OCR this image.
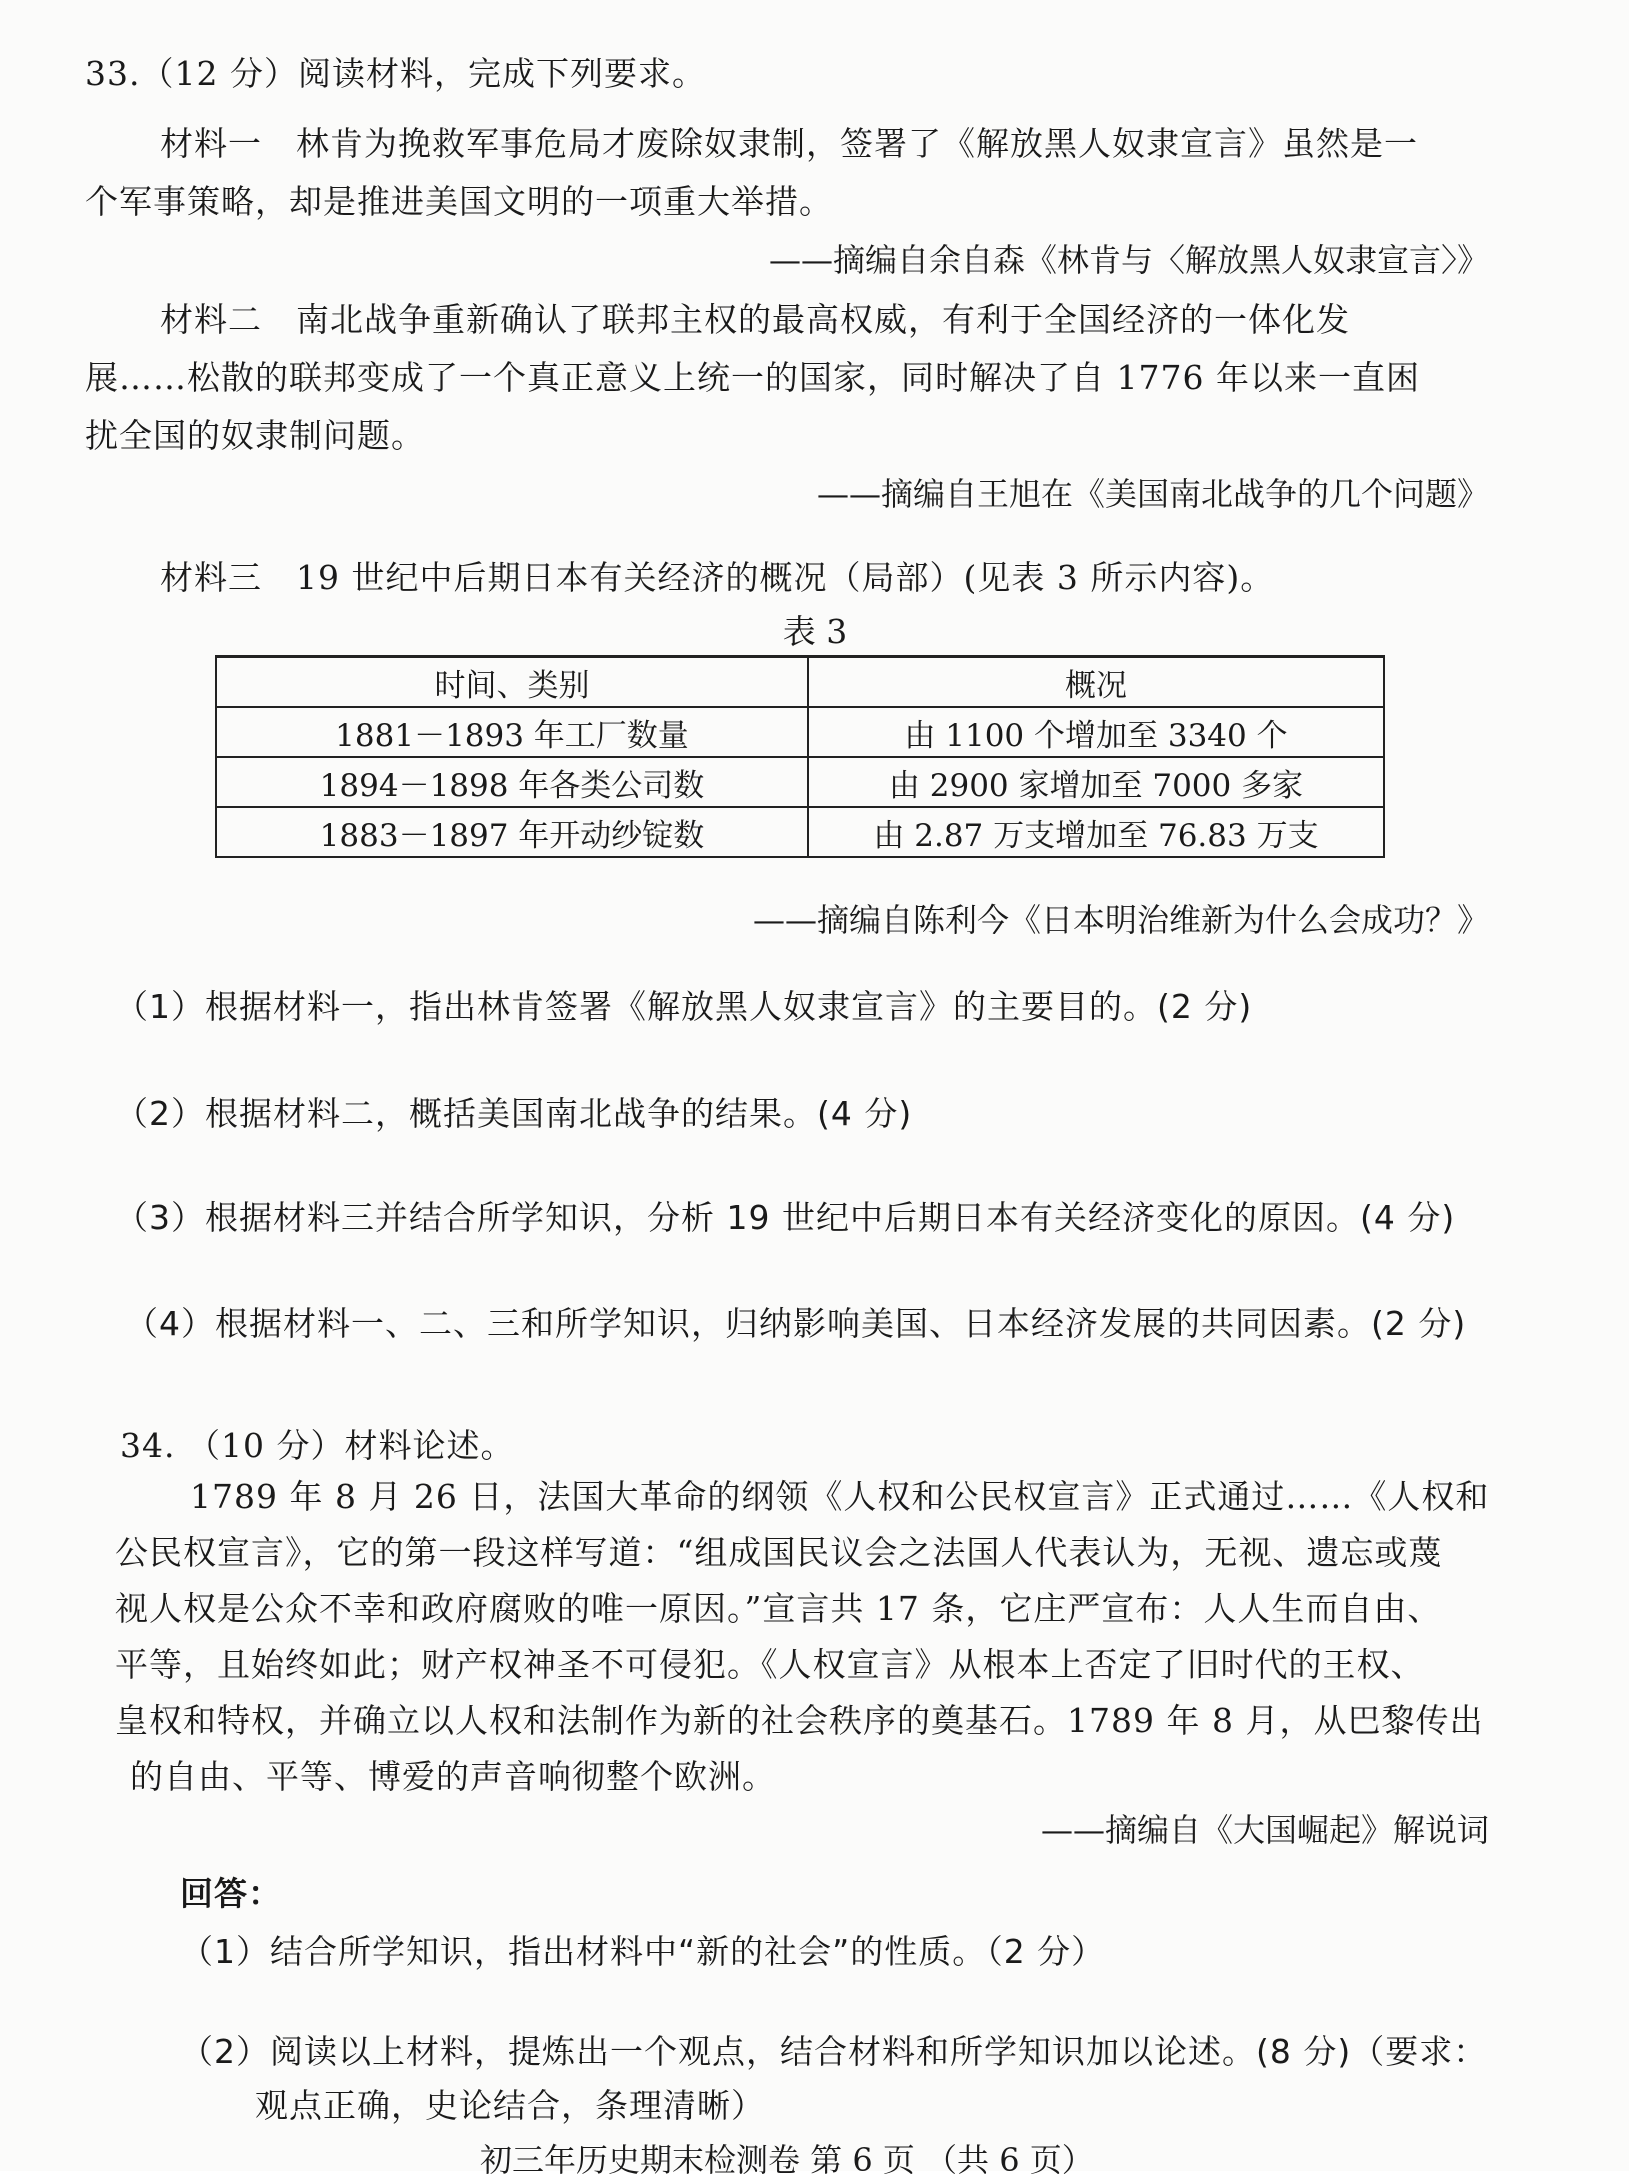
33.（12 分）阅读材料，完成下列要求。
材料一　林肯为挽救军事危局才废除奴隶制，签署了《解放黑人奴隶宣言》虽然是一
个军事策略，却是推进美国文明的一项重大举措。
——摘编自余自森《林肯与〈解放黑人奴隶宣言〉》
材料二　南北战争重新确认了联邦主权的最高权威，有利于全国经济的一体化发
展……松散的联邦变成了一个真正意义上统一的国家，同时解决了自 1776 年以来一直困
扰全国的奴隶制问题。
——摘编自王旭在《美国南北战争的几个问题》
材料三　19 世纪中后期日本有关经济的概况（局部）(见表 3 所示内容)。
表 3
时间、类别	概况
1881－1893 年工厂数量	由 1100 个增加至 3340 个
1894－1898 年各类公司数	由 2900 家增加至 7000 多家
1883－1897 年开动纱锭数	由 2.87 万支增加至 76.83 万支
——摘编自陈利今《日本明治维新为什么会成功？》
（1）根据材料一，指出林肯签署《解放黑人奴隶宣言》的主要目的。(2 分)
（2）根据材料二，概括美国南北战争的结果。(4 分)
（3）根据材料三并结合所学知识，分析 19 世纪中后期日本有关经济变化的原因。(4 分)
（4）根据材料一、二、三和所学知识，归纳影响美国、日本经济发展的共同因素。(2 分)
34. （10 分）材料论述。
1789 年 8 月 26 日，法国大革命的纲领《人权和公民权宣言》正式通过……《人权和
公民权宣言》，它的第一段这样写道：“组成国民议会之法国人代表认为，无视、遗忘或蔑
视人权是公众不幸和政府腐败的唯一原因。”宣言共 17 条，它庄严宣布：人人生而自由、
平等，且始终如此；财产权神圣不可侵犯。《人权宣言》从根本上否定了旧时代的王权、
皇权和特权，并确立以人权和法制作为新的社会秩序的奠基石。1789 年 8 月，从巴黎传出
的自由、平等、博爱的声音响彻整个欧洲。
——摘编自《大国崛起》解说词
回答：
（1）结合所学知识，指出材料中“新的社会”的性质。（2 分）
（2）阅读以上材料，提炼出一个观点，结合材料和所学知识加以论述。(8 分)（要求：
观点正确，史论结合，条理清晰）
初三年历史期末检测卷 第 6 页 （共 6 页）
